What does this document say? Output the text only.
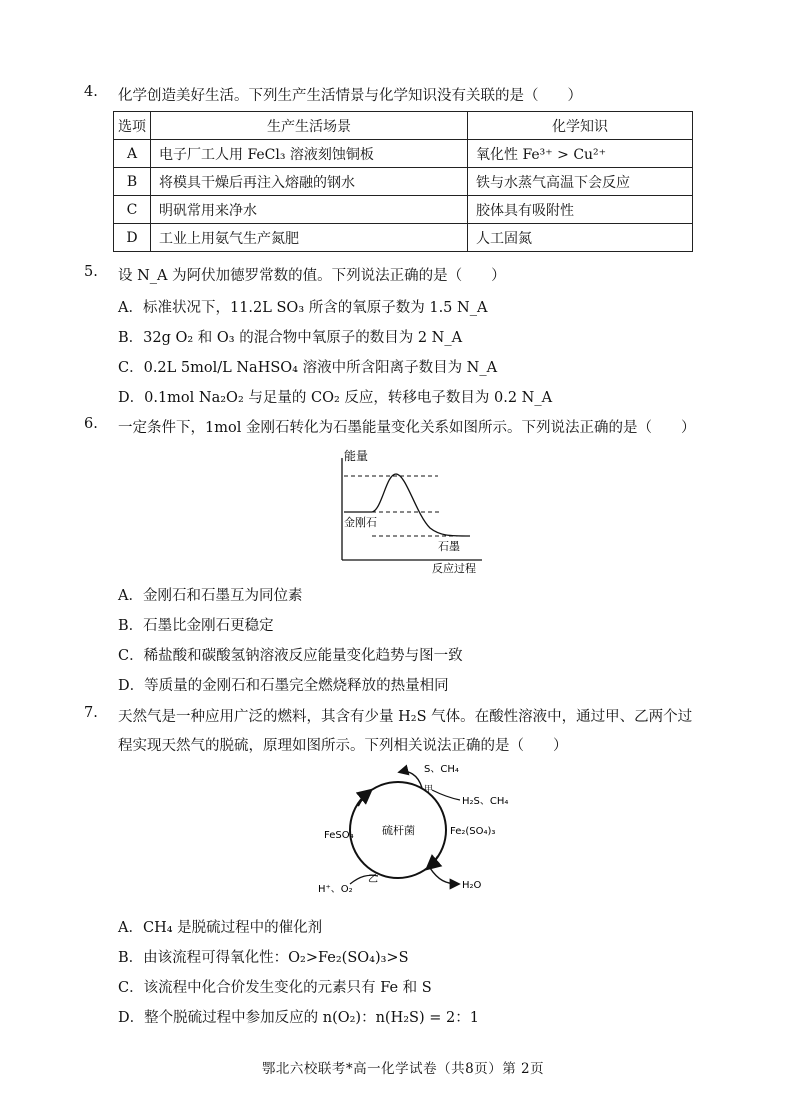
4. 化学创造美好生活。下列生产生活情景与化学知识没有关联的是（　　）
选项	生产生活场景	化学知识
A	电子厂工人用 FeCl₃ 溶液刻蚀铜板	氧化性 Fe³⁺ > Cu²⁺
B	将模具干燥后再注入熔融的钢水	铁与水蒸气高温下会反应
C	明矾常用来净水	胶体具有吸附性
D	工业上用氨气生产氮肥	人工固氮
5. 设 N_A 为阿伏加德罗常数的值。下列说法正确的是（　　）
A．标准状况下，11.2L SO₃ 所含的氧原子数为 1.5 N_A
B．32g O₂ 和 O₃ 的混合物中氧原子的数目为 2 N_A
C．0.2L 5mol/L NaHSO₄ 溶液中所含阳离子数目为 N_A
D．0.1mol Na₂O₂ 与足量的 CO₂ 反应，转移电子数目为 0.2 N_A
6. 一定条件下，1mol 金刚石转化为石墨能量变化关系如图所示。下列说法正确的是（　　）
能量
金刚石
石墨
反应过程
A．金刚石和石墨互为同位素
B．石墨比金刚石更稳定
C．稀盐酸和碳酸氢钠溶液反应能量变化趋势与图一致
D．等质量的金刚石和石墨完全燃烧释放的热量相同
7. 天然气是一种应用广泛的燃料，其含有少量 H₂S 气体。在酸性溶液中，通过甲、乙两个过
程实现天然气的脱硫，原理如图所示。下列相关说法正确的是（　　）
硫杆菌
FeSO₄	Fe₂(SO₄)₃
S、CH₄
甲
H₂S、CH₄
H⁺、O₂
乙
H₂O
A．CH₄ 是脱硫过程中的催化剂
B．由该流程可得氧化性：O₂>Fe₂(SO₄)₃>S
C．该流程中化合价发生变化的元素只有 Fe 和 S
D．整个脱硫过程中参加反应的 n(O₂)：n(H₂S) = 2：1
鄂北六校联考*高一化学试卷（共8页）第 2页
